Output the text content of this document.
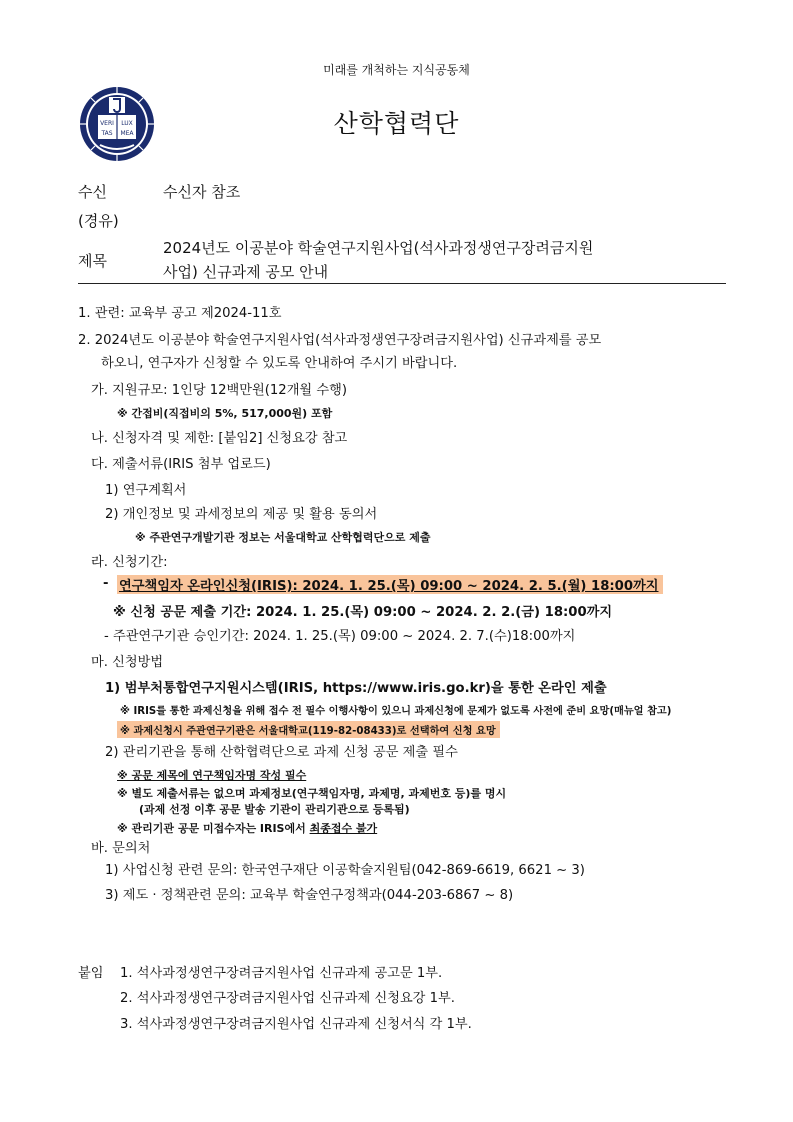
미래를 개척하는 지식공동체
VERI LUX
TAS MEA	산학협력단
수신	수신자 참조
(경유)
제목
2024년도 이공분야 학술연구지원사업(석사과정생연구장려금지원
사업) 신규과제 공모 안내
1. 관련: 교육부 공고 제2024-11호
2. 2024년도 이공분야 학술연구지원사업(석사과정생연구장려금지원사업) 신규과제를 공모
하오니, 연구자가 신청할 수 있도록 안내하여 주시기 바랍니다.
가. 지원규모: 1인당 12백만원(12개월 수행)
※ 간접비(직접비의 5%, 517,000원) 포함
나. 신청자격 및 제한: [붙임2] 신청요강 참고
다. 제출서류(IRIS 첨부 업로드)
1) 연구계획서
2) 개인정보 및 과세정보의 제공 및 활용 동의서
※ 주관연구개발기관 정보는 서울대학교 산학협력단으로 제출
라. 신청기간:
- 연구책임자 온라인신청(IRIS): 2024. 1. 25.(목) 09:00 ~ 2024. 2. 5.(월) 18:00까지
※ 신청 공문 제출 기간: 2024. 1. 25.(목) 09:00 ~ 2024. 2. 2.(금) 18:00까지
- 주관연구기관 승인기간: 2024. 1. 25.(목) 09:00 ~ 2024. 2. 7.(수)18:00까지
마. 신청방법
1) 범부처통합연구지원시스템(IRIS, https://www.iris.go.kr)을 통한 온라인 제출
※ IRIS를 통한 과제신청을 위해 접수 전 필수 이행사항이 있으니 과제신청에 문제가 없도록 사전에 준비 요망(매뉴얼 참고)
※ 과제신청시 주관연구기관은 서울대학교(119-82-08433)로 선택하여 신청 요망
2) 관리기관을 통해 산학협력단으로 과제 신청 공문 제출 필수
※ 공문 제목에 연구책임자명 작성 필수
※ 별도 제출서류는 없으며 과제정보(연구책임자명, 과제명, 과제번호 등)를 명시
(과제 선정 이후 공문 발송 기관이 관리기관으로 등록됨)
※ 관리기관 공문 미접수자는 IRIS에서 최종접수 불가
바. 문의처
1) 사업신청 관련 문의: 한국연구재단 이공학술지원팀(042-869-6619, 6621 ~ 3)
3) 제도 · 정책관련 문의: 교육부 학술연구정책과(044-203-6867 ~ 8)
붙임 1. 석사과정생연구장려금지원사업 신규과제 공고문 1부.
2. 석사과정생연구장려금지원사업 신규과제 신청요강 1부.
3. 석사과정생연구장려금지원사업 신규과제 신청서식 각 1부.
